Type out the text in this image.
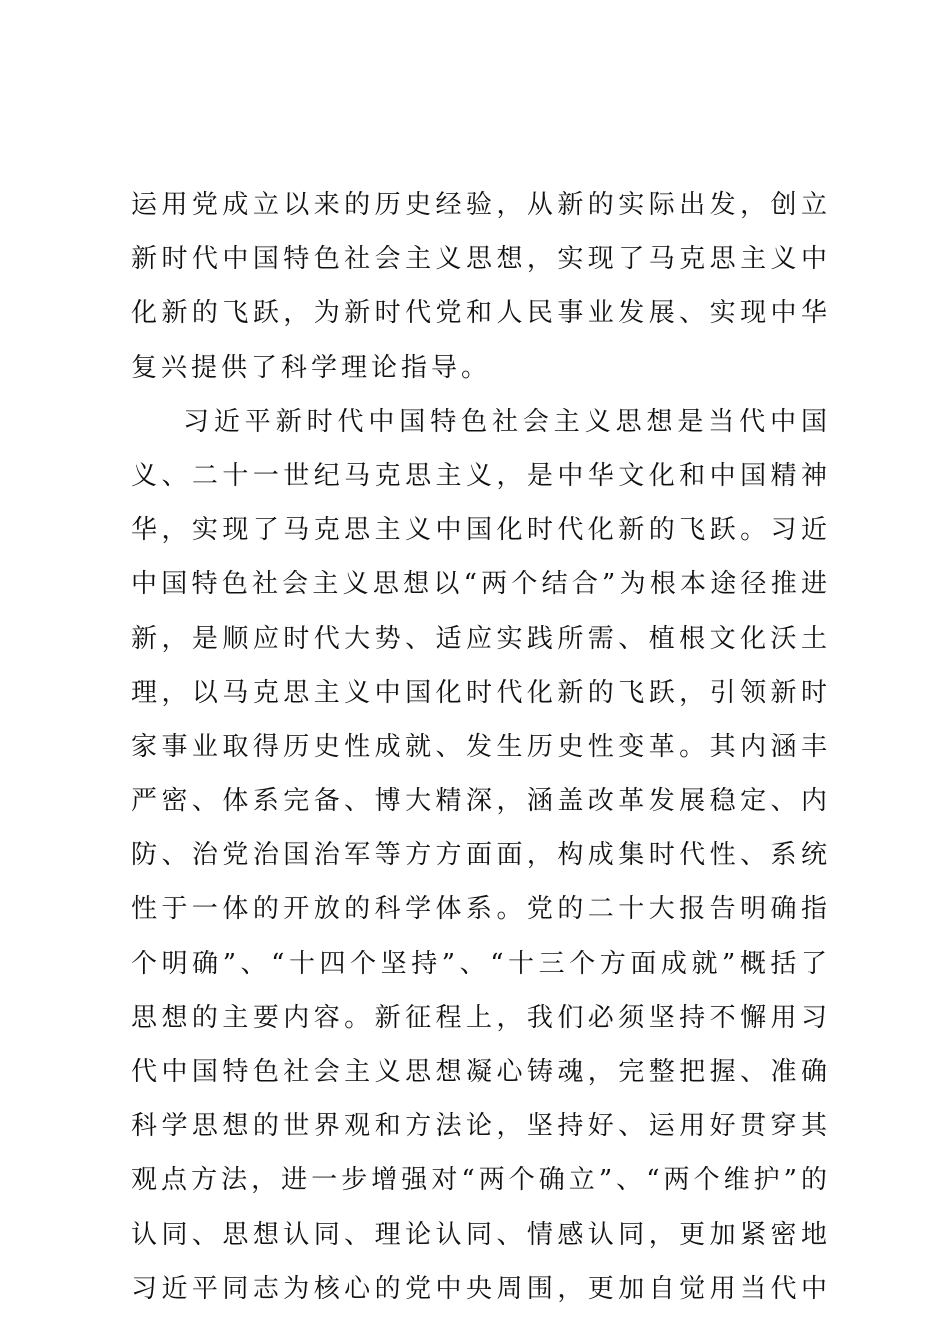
运用党成立以来的历史经验，从新的实际出发，创立
新时代中国特色社会主义思想，实现了马克思主义中
化新的飞跃，为新时代党和人民事业发展、实现中华
复兴提供了科学理论指导。
习近平新时代中国特色社会主义思想是当代中国
义、二十一世纪马克思主义，是中华文化和中国精神
华，实现了马克思主义中国化时代化新的飞跃。习近
中国特色社会主义思想以“两个结合”为根本途径推进
新，是顺应时代大势、适应实践所需、植根文化沃土
理，以马克思主义中国化时代化新的飞跃，引领新时
家事业取得历史性成就、发生历史性变革。其内涵丰
严密、体系完备、博大精深，涵盖改革发展稳定、内
防、治党治国治军等方方面面，构成集时代性、系统
性于一体的开放的科学体系。党的二十大报告明确指
个明确”、“十四个坚持”、“十三个方面成就”概括了
思想的主要内容。新征程上，我们必须坚持不懈用习
代中国特色社会主义思想凝心铸魂，完整把握、准确
科学思想的世界观和方法论，坚持好、运用好贯穿其
观点方法，进一步增强对“两个确立”、“两个维护”的
认同、思想认同、理论认同、情感认同，更加紧密地
习近平同志为核心的党中央周围，更加自觉用当代中
